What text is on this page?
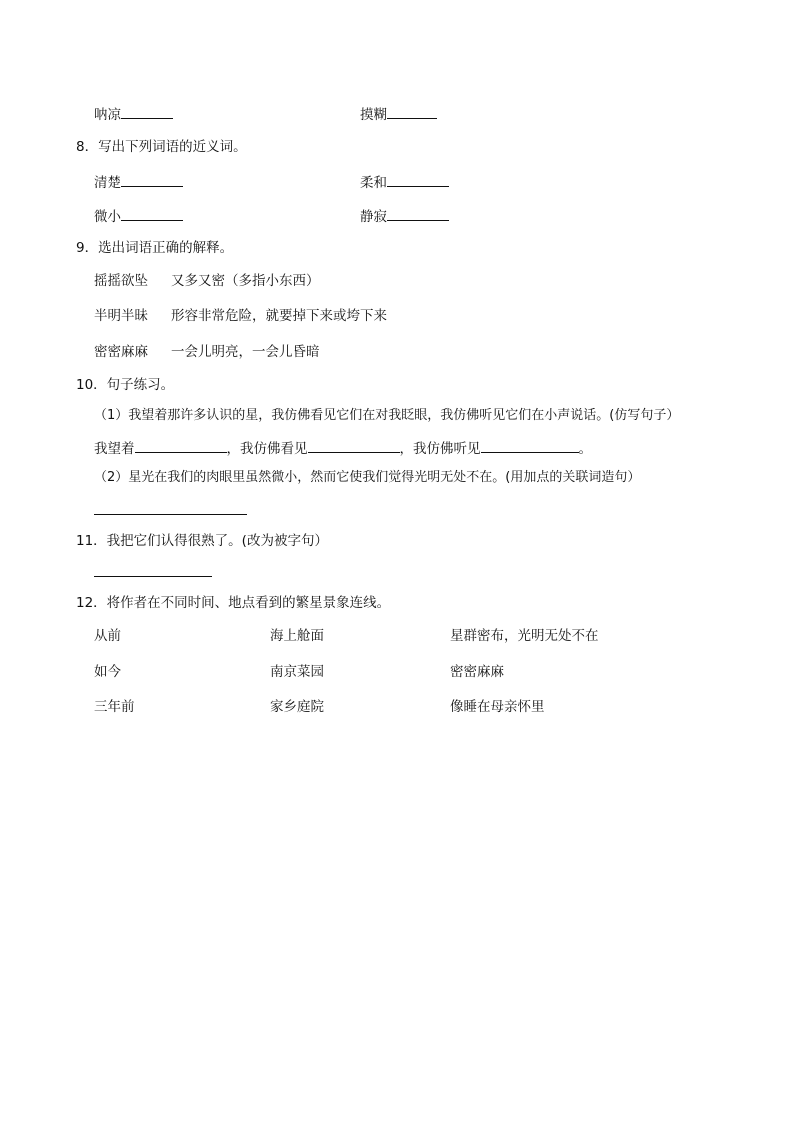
呐凉	摸糊
8．写出下列词语的近义词。
清楚	柔和
微小	静寂
9．选出词语正确的解释。
摇摇欲坠 又多又密（多指小东西）
半明半昧 形容非常危险，就要掉下来或垮下来
密密麻麻 一会儿明亮，一会儿昏暗
10．句子练习。
（1）我望着那许多认识的星，我仿佛看见它们在对我眨眼，我仿佛听见它们在小声说话。(仿写句子）
我望着	，我仿佛看见	，我仿佛听见	。
（2）星光在我们的肉眼里虽然微小，然而它使我们觉得光明无处不在。(用加点的关联词造句）
11．我把它们认得很熟了。(改为被字句）
12．将作者在不同时间、地点看到的繁星景象连线。
从前	海上舱面	星群密布，光明无处不在
如今	南京菜园	密密麻麻
三年前	家乡庭院	像睡在母亲怀里
